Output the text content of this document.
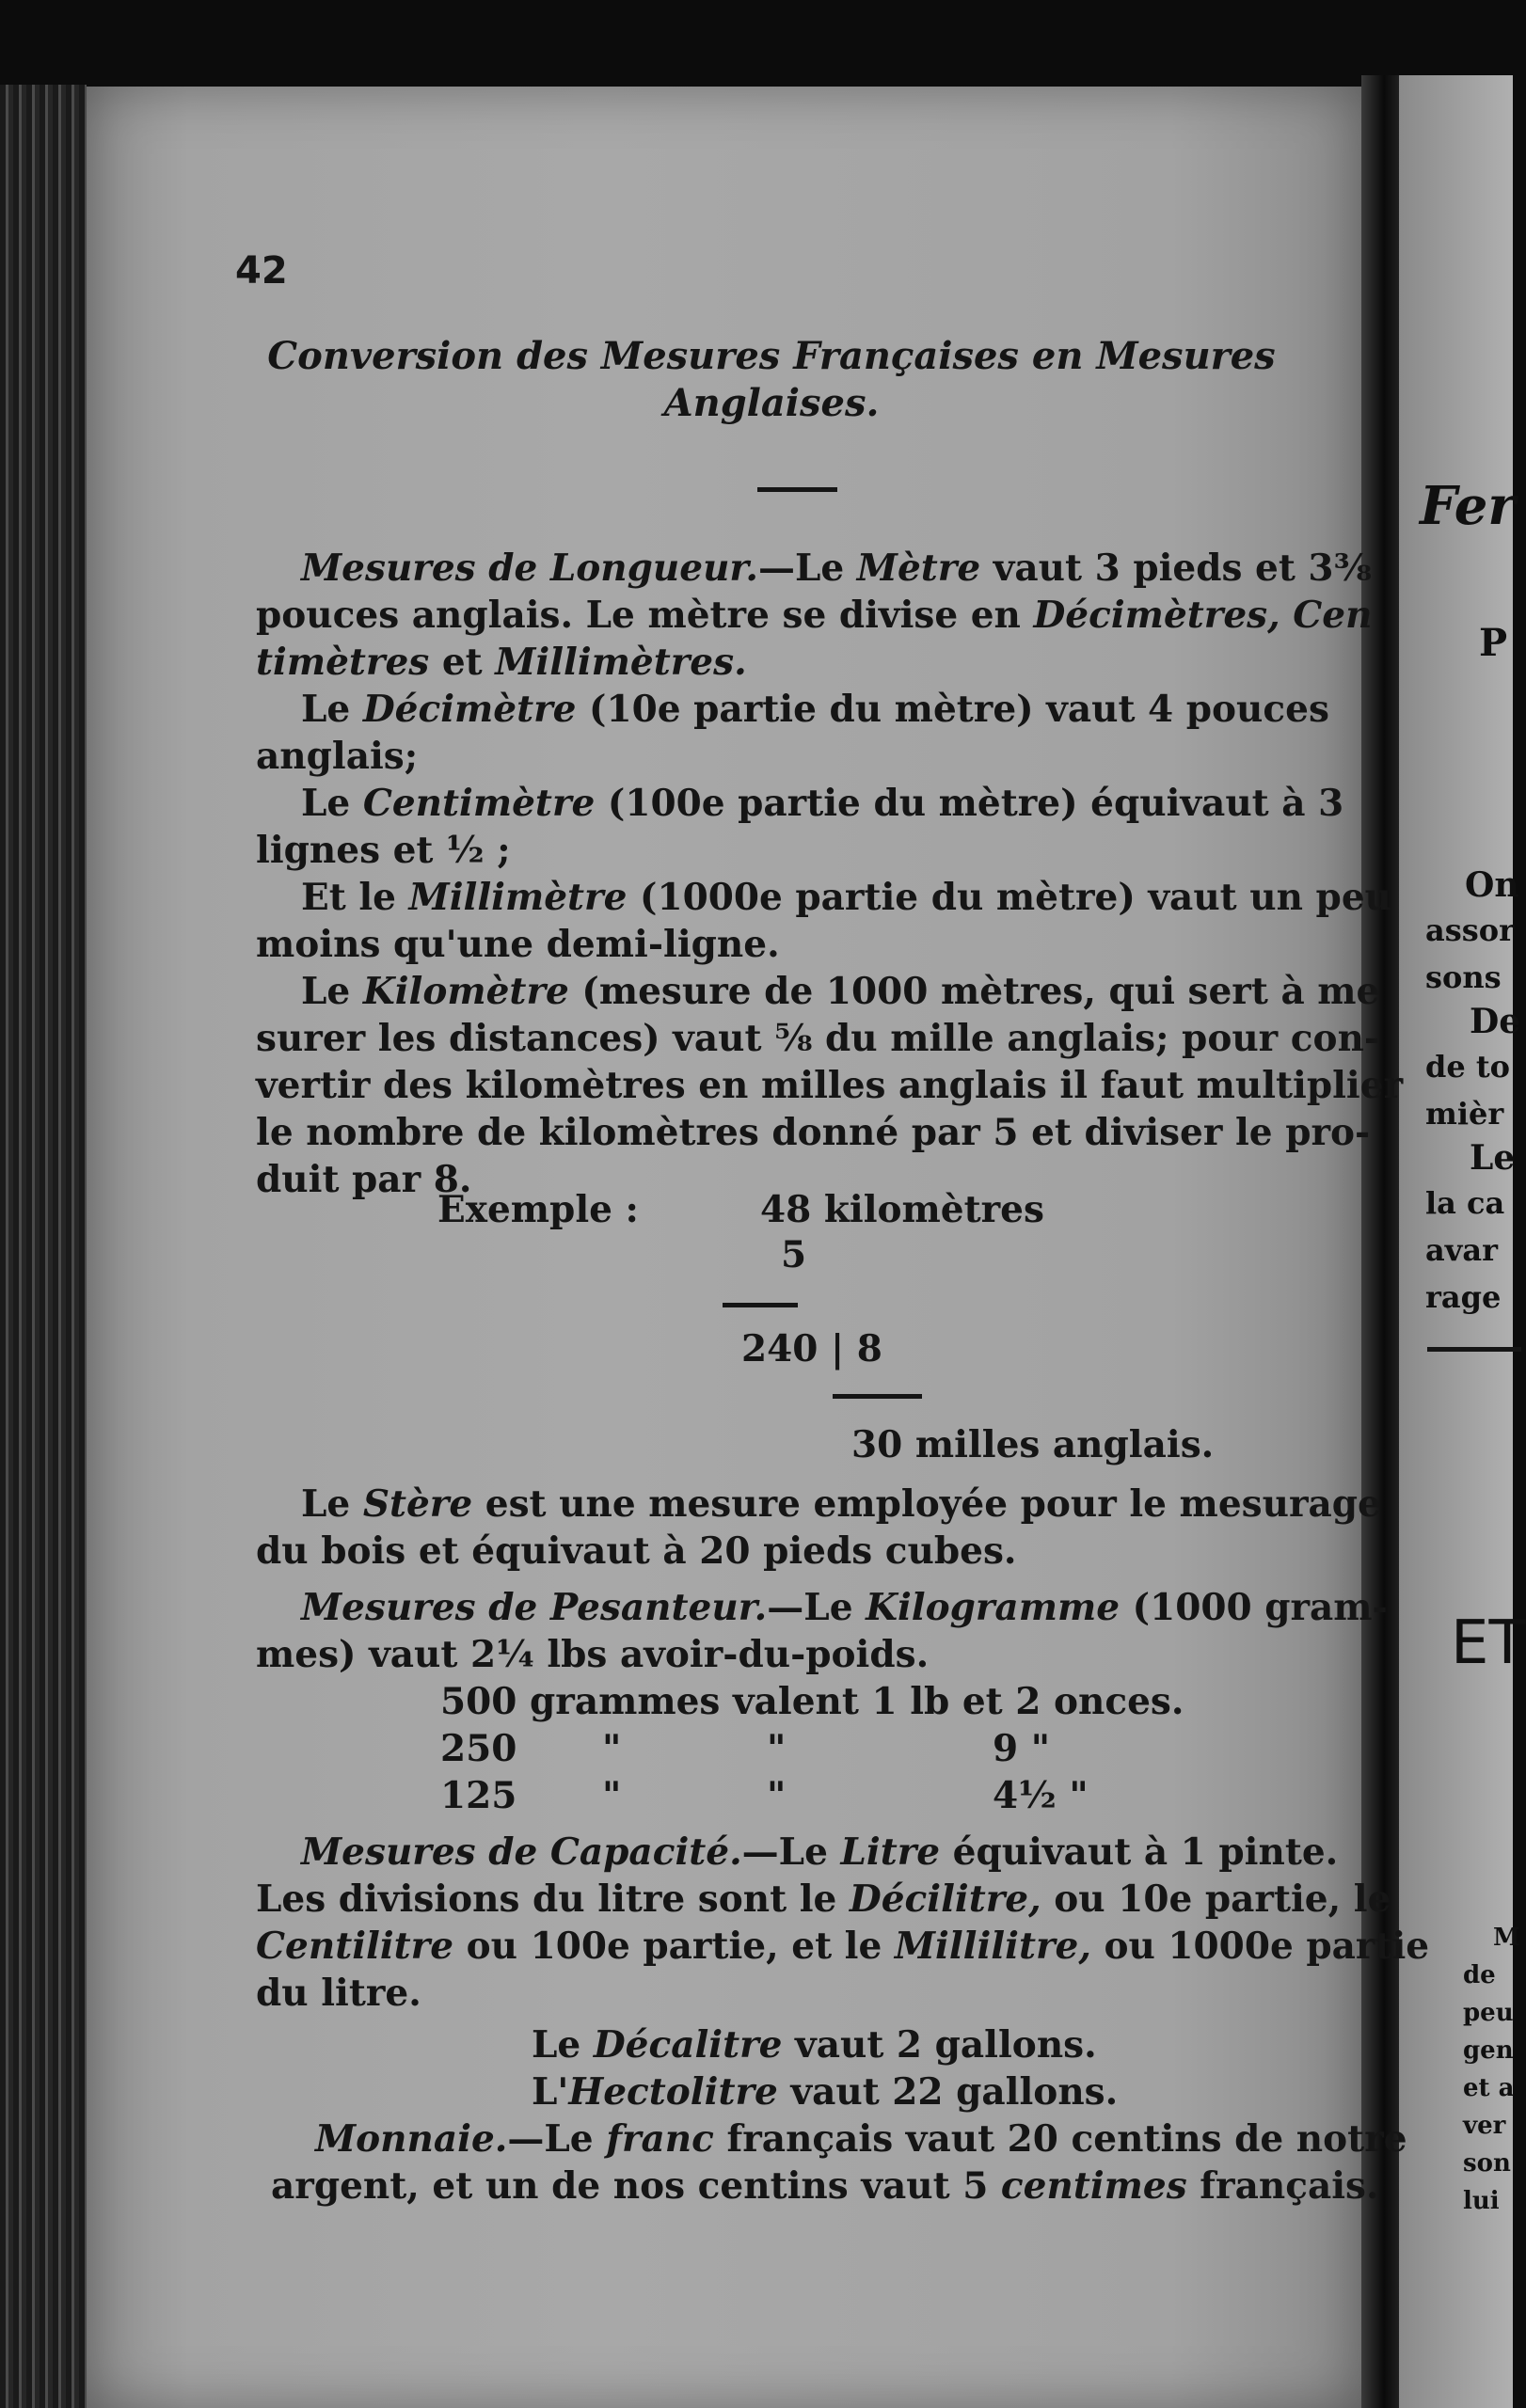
Fer
P
On
assor
sons
De
de to
mièr
Le
la ca
avar
rage
ET
M
de
peu
gen
et a
ver
son
lui
42
Conversion des Mesures Françaises en Mesures
Anglaises.
Mesures de Longueur.—Le Mètre vaut 3 pieds et 3⅜
pouces anglais. Le mètre se divise en Décimètres, Cen
timètres et Millimètres.
Le Décimètre (10e partie du mètre) vaut 4 pouces
anglais;
Le Centimètre (100e partie du mètre) équivaut à 3
lignes et ½ ;
Et le Millimètre (1000e partie du mètre) vaut un peu
moins qu'une demi-ligne.
Le Kilomètre (mesure de 1000 mètres, qui sert à me
surer les distances) vaut ⅝ du mille anglais; pour con-
vertir des kilomètres en milles anglais il faut multiplier
le nombre de kilomètres donné par 5 et diviser le pro-
duit par 8.
Exemple :	48 kilomètres
5
240 | 8
30 milles anglais.
Le Stère est une mesure employée pour le mesurage
du bois et équivaut à 20 pieds cubes.
Mesures de Pesanteur.—Le Kilogramme (1000 gram-
mes) vaut 2¼ lbs avoir-du-poids.
500 grammes valent 1 lb et 2 onces.
250 "	"	9 "
125 "	"	4½ "
Mesures de Capacité.—Le Litre équivaut à 1 pinte.
Les divisions du litre sont le Décilitre, ou 10e partie, le
Centilitre ou 100e partie, et le Millilitre, ou 1000e partie
du litre.
Le Décalitre vaut 2 gallons.
L'Hectolitre vaut 22 gallons.
Monnaie.—Le franc français vaut 20 centins de notre
argent, et un de nos centins vaut 5 centimes français.
